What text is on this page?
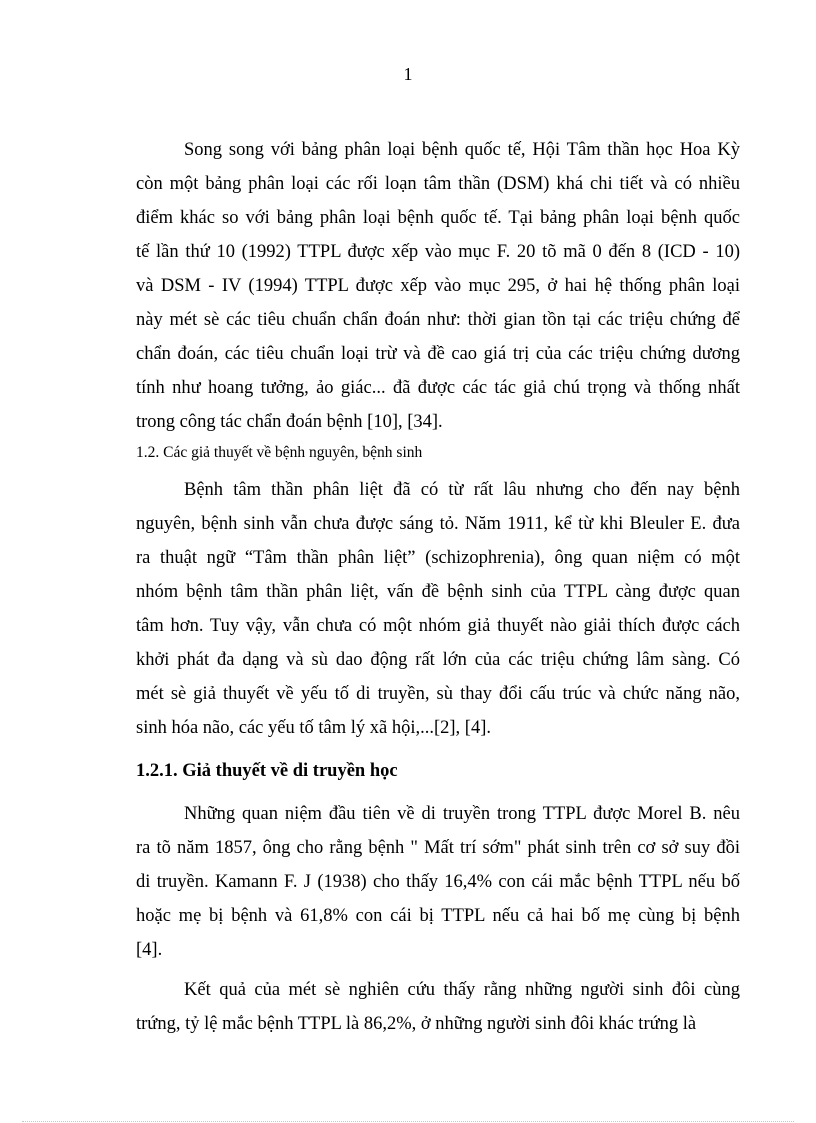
1

Song song với bảng phân loại bệnh quốc tế, Hội Tâm thần học Hoa Kỳ

còn một bảng phân loại các rối loạn tâm thần (DSM) khá chi tiết và có nhiều

điểm khác so với bảng phân loại bệnh quốc tế. Tại bảng phân loại bệnh quốc

tế lần thứ 10 (1992) TTPL được xếp vào mục F. 20 tõ mã 0 đến 8 (ICD - 10)

và DSM - IV (1994) TTPL được xếp vào mục 295, ở hai hệ thống phân loại

này mét sè các tiêu chuẩn chẩn đoán như: thời gian tồn tại các triệu chứng để

chẩn đoán, các tiêu chuẩn loại trừ và đề cao giá trị của các triệu chứng dương

tính như hoang tưởng, ảo giác... đã được các tác giả chú trọng và thống nhất

trong công tác chẩn đoán bệnh [10], [34].

1.2. Các giả thuyết về bệnh nguyên, bệnh sinh

Bệnh tâm thần phân liệt đã có từ rất lâu nhưng cho đến nay bệnh

nguyên, bệnh sinh vẫn chưa được sáng tỏ. Năm 1911, kể từ khi Bleuler E. đưa

ra thuật ngữ “Tâm thần phân liệt” (schizophrenia), ông quan niệm có một

nhóm bệnh tâm thần phân liệt, vấn đề bệnh sinh của TTPL càng được quan

tâm hơn. Tuy vậy, vẫn chưa có một nhóm giả thuyết nào giải thích được cách

khởi phát đa dạng và sù dao động rất lớn của các triệu chứng lâm sàng. Có

mét sè giả thuyết về yếu tố di truyền, sù thay đổi cấu trúc và chức năng não,

sinh hóa não, các yếu tố tâm lý xã hội,...[2], [4].

1.2.1. Giả thuyết về di truyền học

Những quan niệm đầu tiên về di truyền trong TTPL được Morel B. nêu

ra tõ năm 1857, ông cho rằng bệnh " Mất trí sớm" phát sinh trên cơ sở suy đồi

di truyền. Kamann F. J (1938) cho thấy 16,4% con cái mắc bệnh TTPL nếu bố

hoặc mẹ bị bệnh và 61,8% con cái bị TTPL nếu cả hai bố mẹ cùng bị bệnh

[4].

Kết quả của mét sè nghiên cứu thấy rằng những người sinh đôi cùng

trứng, tỷ lệ mắc bệnh TTPL là 86,2%, ở những người sinh đôi khác trứng là
